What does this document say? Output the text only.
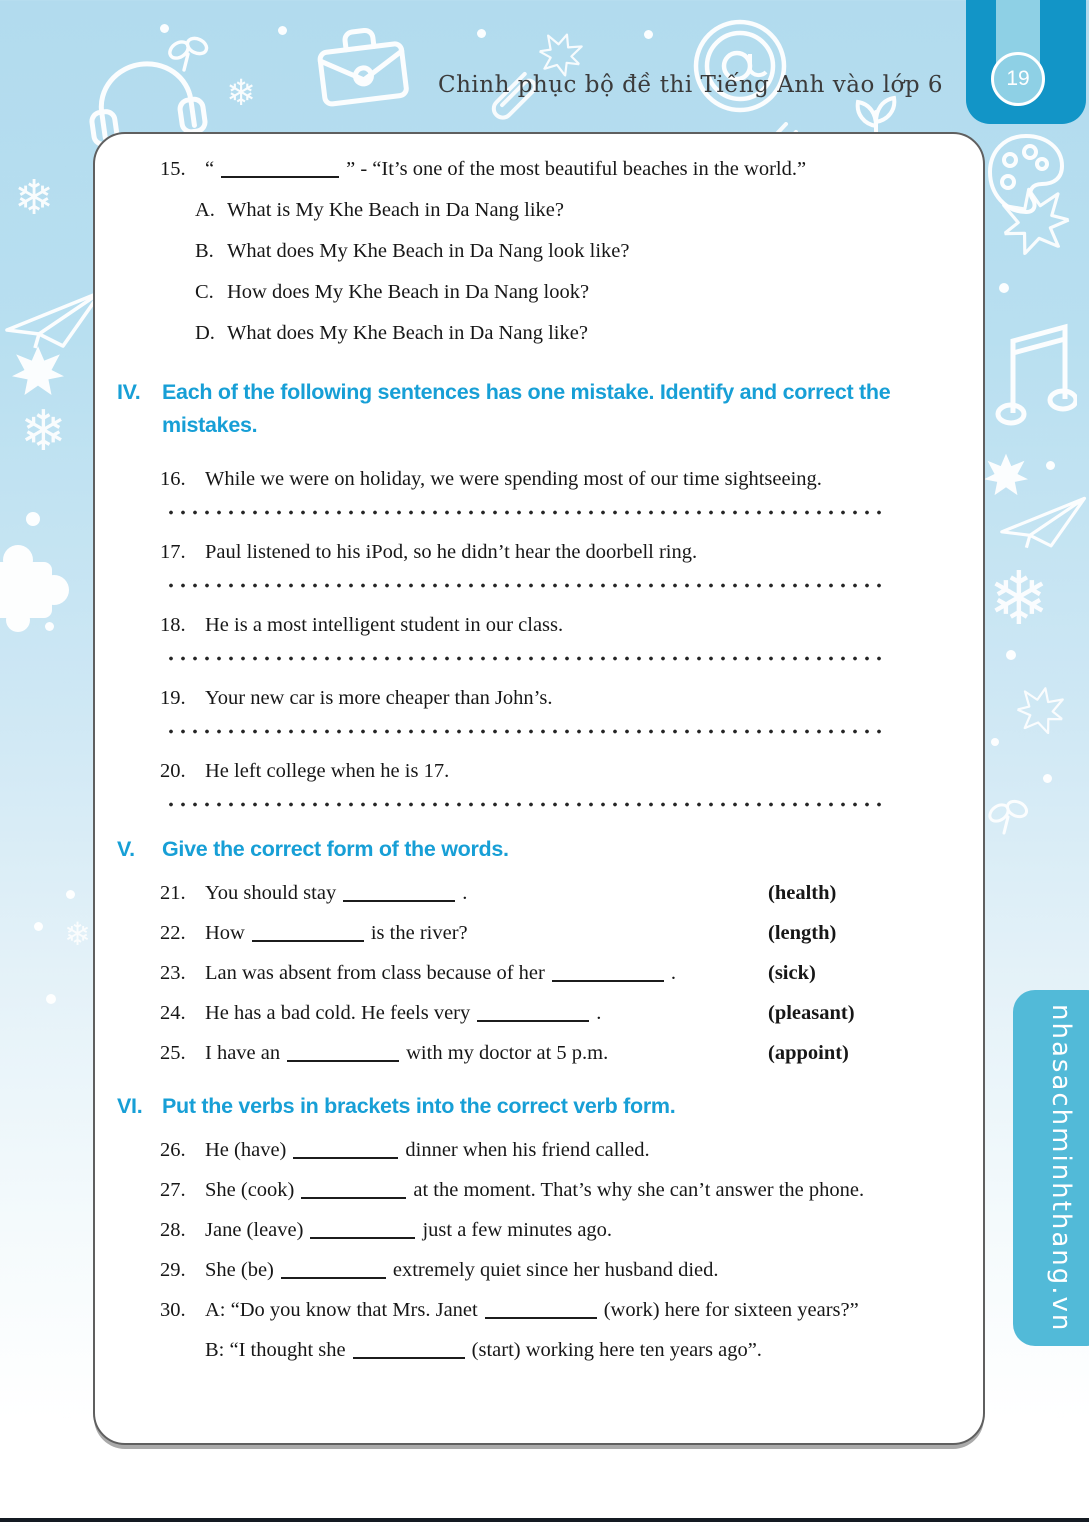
❄
❄
❄
❄
❄
Chinh phục bộ đề thi Tiếng Anh vào lớp 6	19
nhasachminhthang.vn
15. “	” - “It’s one of the most beautiful beaches in the world.”
A. What is My Khe Beach in Da Nang like?
B. What does My Khe Beach in Da Nang look like?
C. How does My Khe Beach in Da Nang look?
D. What does My Khe Beach in Da Nang like?
IV.	Each of the following sentences has one mistake. Identify and correct the mistakes.
16. While we were on holiday, we were spending most of our time sightseeing.
17. Paul listened to his iPod, so he didn’t hear the doorbell ring.
18. He is a most intelligent student in our class.
19. Your new car is more cheaper than John’s.
20. He left college when he is 17.
V.	Give the correct form of the words.
21. You should stay	.	(health)
22. How	is the river?	(length)
23. Lan was absent from class because of her	.	(sick)
24. He has a bad cold. He feels very	.	(pleasant)
25. I have an	with my doctor at 5 p.m.	(appoint)
VI. Put the verbs in brackets into the correct verb form.
26. He (have)	dinner when his friend called.
27. She (cook)	at the moment. That’s why she can’t answer the phone.
28. Jane (leave)	just a few minutes ago.
29. She (be)	extremely quiet since her husband died.
30. A: “Do you know that Mrs. Janet	(work) here for sixteen years?”
B: “I thought she	(start) working here ten years ago”.
